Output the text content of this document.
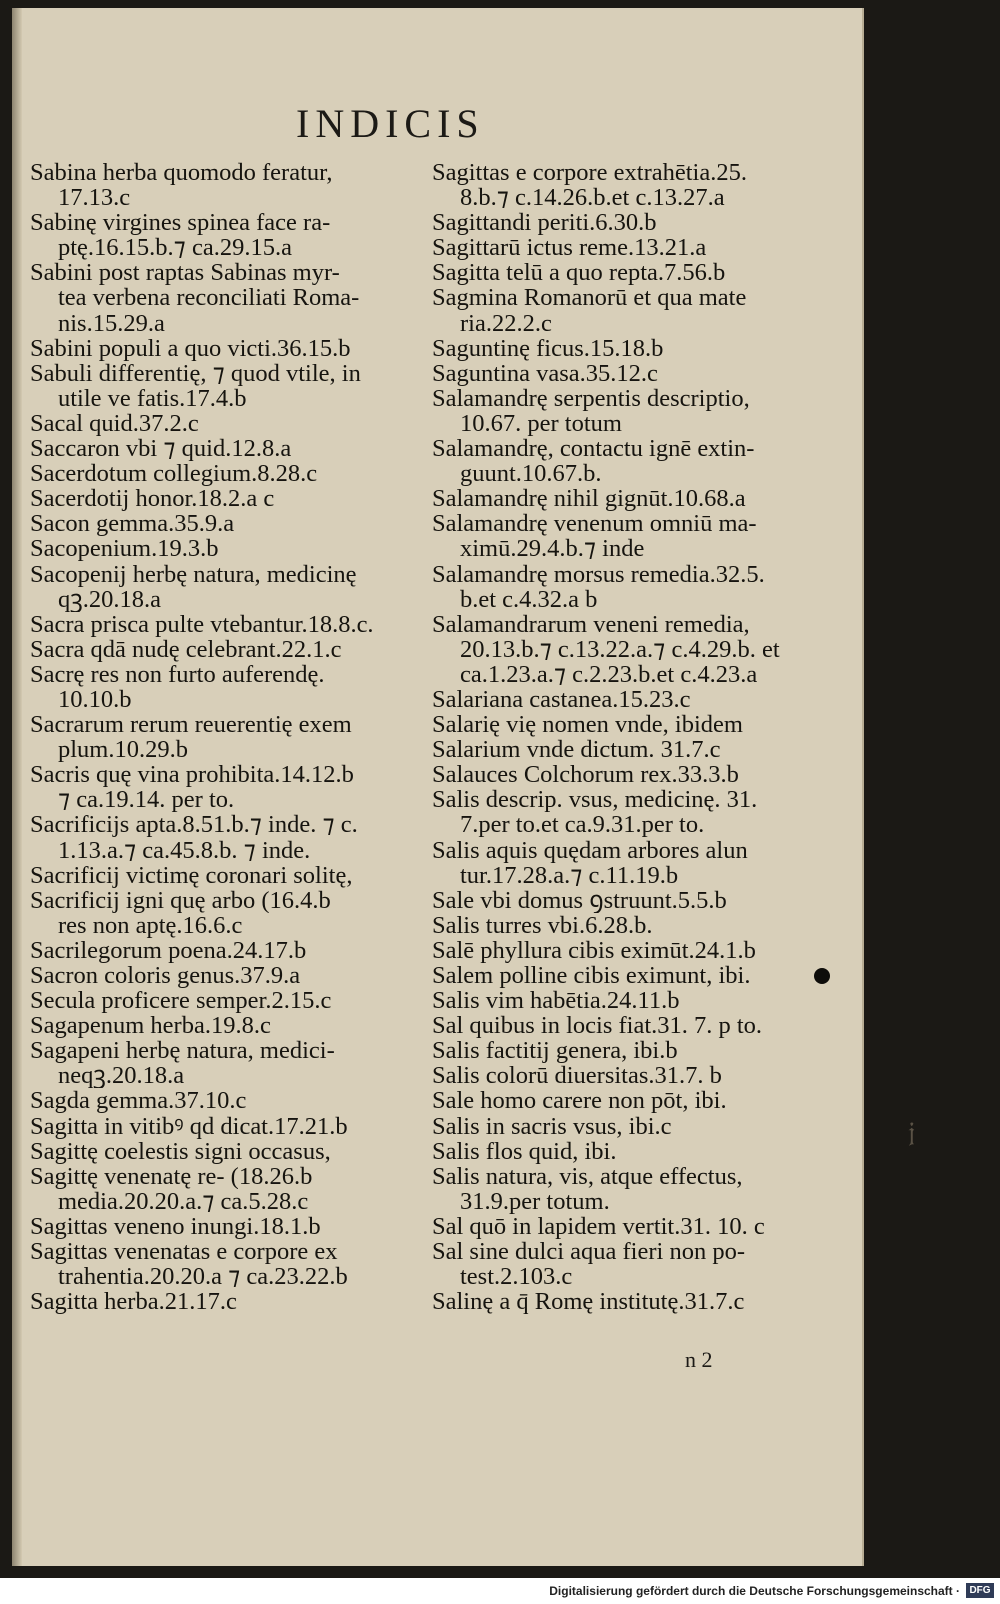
INDICIS

Sabina herba quomodo feratur,

17.13.c

Sabinę virgines spinea face ra-

ptę.16.15.b.⁊ ca.29.15.a

Sabini post raptas Sabinas myr-

tea verbena reconciliati Roma-

nis.15.29.a

Sabini populi a quo victi.36.15.b

Sabuli differentię, ⁊ quod vtile, in

utile ve fatis.17.4.b

Sacal quid.37.2.c

Saccaron vbi ⁊ quid.12.8.a

Sacerdotum collegium.8.28.c

Sacerdotij honor.18.2.a c

Sacon gemma.35.9.a

Sacopenium.19.3.b

Sacopenij herbę natura, medicinę

qꝫ.20.18.a

Sacra prisca pulte vtebantur.18.8.c.

Sacra qdā nudę celebrant.22.1.c

Sacrę res non furto auferendę.

10.10.b

Sacrarum rerum reuerentię exem

plum.10.29.b

Sacris quę vina prohibita.14.12.b

⁊ ca.19.14. per to.

Sacrificijs apta.8.51.b.⁊ inde. ⁊ c.

1.13.a.⁊ ca.45.8.b. ⁊ inde.

Sacrificij victimę coronari solitę,

Sacrificij igni quę arbo (16.4.b

res non aptę.16.6.c

Sacrilegorum poena.24.17.b

Sacron coloris genus.37.9.a

Secula proficere semper.2.15.c

Sagapenum herba.19.8.c

Sagapeni herbę natura, medici-

neqꝫ.20.18.a

Sagda gemma.37.10.c

Sagitta in vitibꝰ qd dicat.17.21.b

Sagittę coelestis signi occasus,

Sagittę venenatę re- (18.26.b

media.20.20.a.⁊ ca.5.28.c

Sagittas veneno inungi.18.1.b

Sagittas venenatas e corpore ex

trahentia.20.20.a ⁊ ca.23.22.b

Sagitta herba.21.17.c

Sagittas e corpore extrahētia.25.

8.b.⁊ c.14.26.b.et c.13.27.a

Sagittandi periti.6.30.b

Sagittarū ictus reme.13.21.a

Sagitta telū a quo repta.7.56.b

Sagmina Romanorū et qua mate

ria.22.2.c

Saguntinę ficus.15.18.b

Saguntina vasa.35.12.c

Salamandrę serpentis descriptio,

10.67. per totum

Salamandrę, contactu ignē extin-

guunt.10.67.b.

Salamandrę nihil gignūt.10.68.a

Salamandrę venenum omniū ma-

ximū.29.4.b.⁊ inde

Salamandrę morsus remedia.32.5.

b.et c.4.32.a b

Salamandrarum veneni remedia,

20.13.b.⁊ c.13.22.a.⁊ c.4.29.b. et

ca.1.23.a.⁊ c.2.23.b.et c.4.23.a

Salariana castanea.15.23.c

Salarię vię nomen vnde, ibidem

Salarium vnde dictum. 31.7.c

Salauces Colchorum rex.33.3.b

Salis descrip. vsus, medicinę. 31.

7.per to.et ca.9.31.per to.

Salis aquis quędam arbores alun

tur.17.28.a.⁊ c.11.19.b

Sale vbi domus ꝯstruunt.5.5.b

Salis turres vbi.6.28.b.

Salē phyllura cibis eximūt.24.1.b

Salem polline cibis eximunt, ibi.

Salis vim habētia.24.11.b

Sal quibus in locis fiat.31. 7. p to.

Salis factitij genera, ibi.b

Salis colorū diuersitas.31.7. b

Sale homo carere non pōt, ibi.

Salis in sacris vsus, ibi.c

Salis flos quid, ibi.

Salis natura, vis, atque effectus,

31.9.per totum.

Sal quō in lapidem vertit.31. 10. c

Sal sine dulci aqua fieri non po-

test.2.103.c

Salinę a q̄ Romę institutę.31.7.c

𝔧
n 2
Digitalisierung gefördert durch die Deutsche Forschungsgemeinschaft · DFG
